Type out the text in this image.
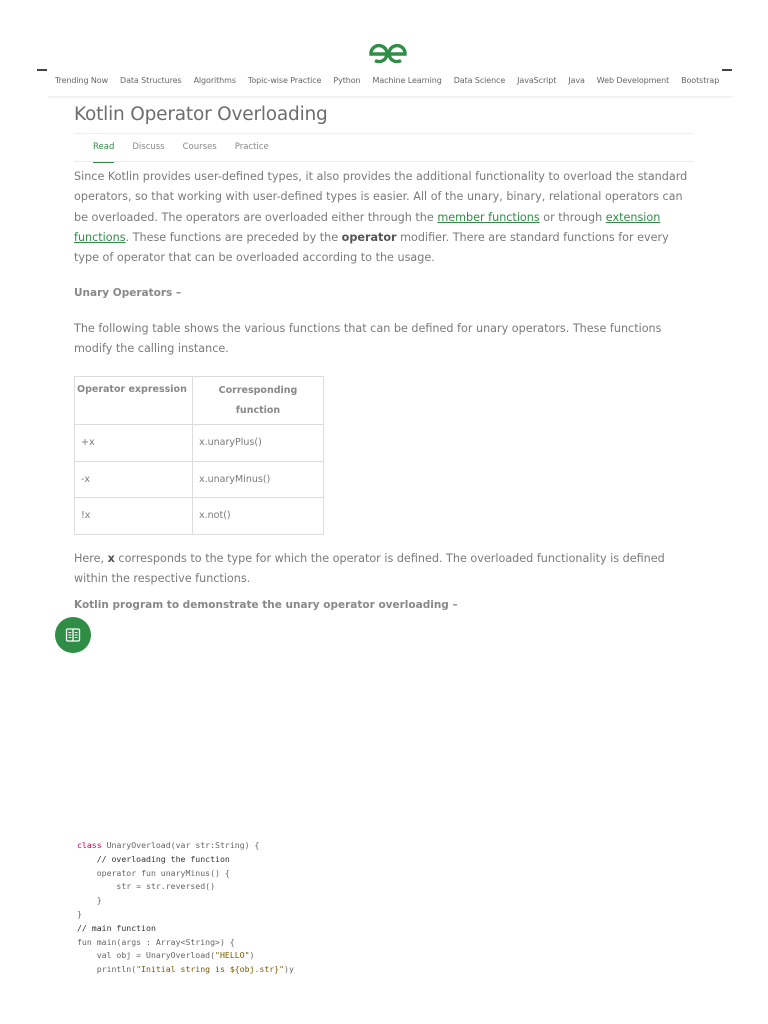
Trending Now Data Structures Algorithms Topic-wise Practice Python Machine Learning Data Science JavaScript Java Web Development Bootstrap
Kotlin Operator Overloading
Read Discuss Courses Practice

Since Kotlin provides user-defined types, it also provides the additional functionality to overload the standard operators, so that working with user-defined types is easier. All of the unary, binary, relational operators can be overloaded. The operators are overloaded either through the member functions or through extension functions. These functions are preceded by the operator modifier. There are standard functions for every type of operator that can be overloaded according to the usage.

Unary Operators –

The following table shows the various functions that can be defined for unary operators. These functions modify the calling instance.

Operator expression	Corresponding function
+x	x.unaryPlus()
-x	x.unaryMinus()
!x	x.not()

Here, x corresponds to the type for which the operator is defined. The overloaded functionality is defined within the respective functions.

Kotlin program to demonstrate the unary operator overloading –
class UnaryOverload(var str:String) {
// overloading the function
operator fun unaryMinus() {
str = str.reversed()
}
}
// main function
fun main(args : Array<String>) {
val obj = UnaryOverload("HELLO")
println("Initial string is ${obj.str}")y
